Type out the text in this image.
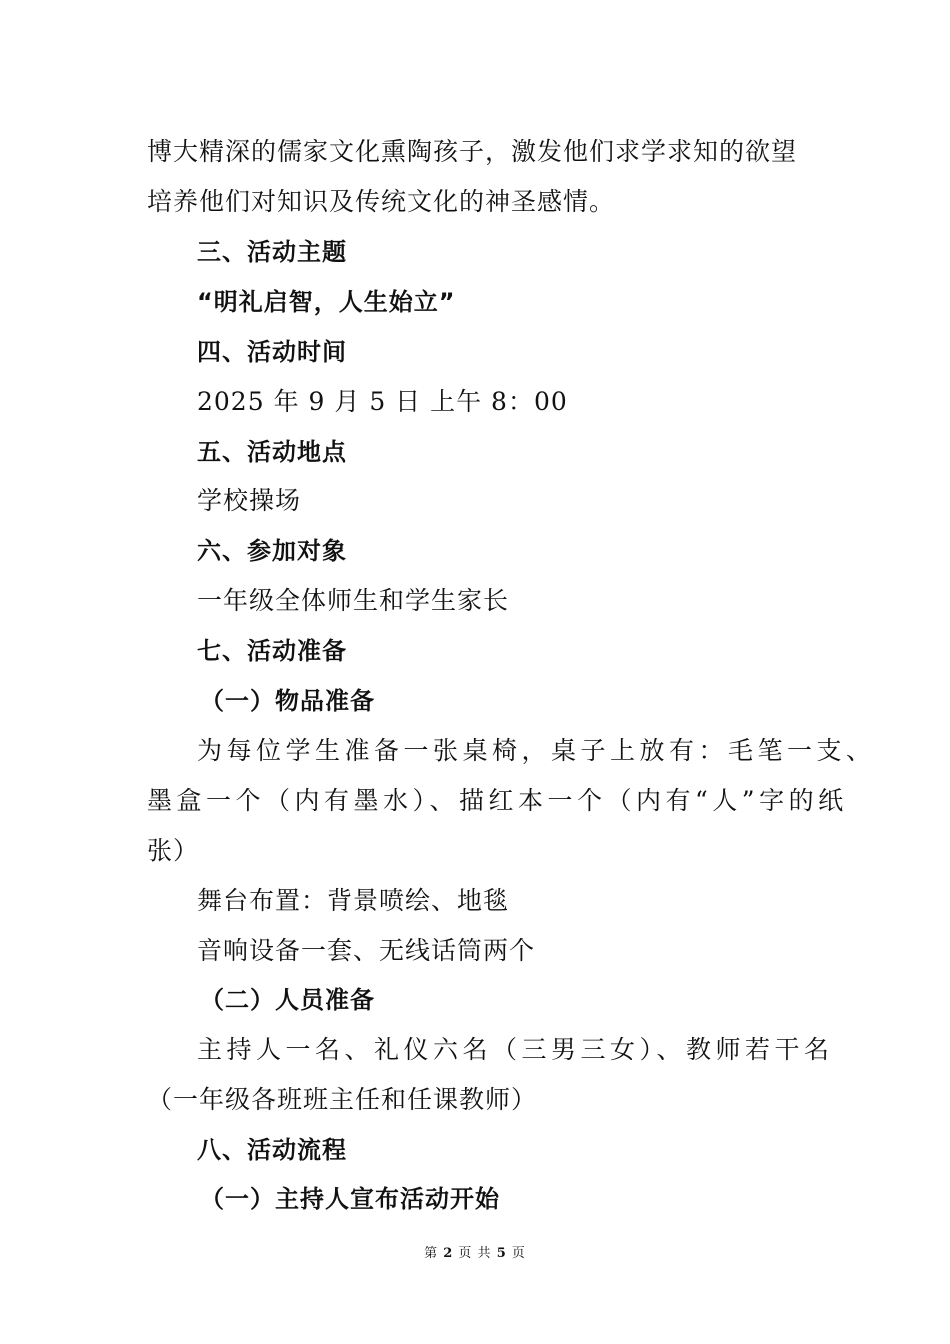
博大精深的儒家文化熏陶孩子，激发他们求学求知的欲望
培养他们对知识及传统文化的神圣感情。
三、活动主题
“明礼启智，人生始立”
四、活动时间
2025 年 9 月 5 日 上午 8：00
五、活动地点
学校操场
六、参加对象
一年级全体师生和学生家长
七、活动准备
（一）物品准备
为每位学生准备一张桌椅，桌子上放有：毛笔一支、
墨盒一个（内有墨水）、描红本一个（内有“人”字的纸
张）
舞台布置：背景喷绘、地毯
音响设备一套、无线话筒两个
（二）人员准备
主持人一名、礼仪六名（三男三女）、教师若干名
（一年级各班班主任和任课教师）
八、活动流程
（一）主持人宣布活动开始
第 2 页 共 5 页
